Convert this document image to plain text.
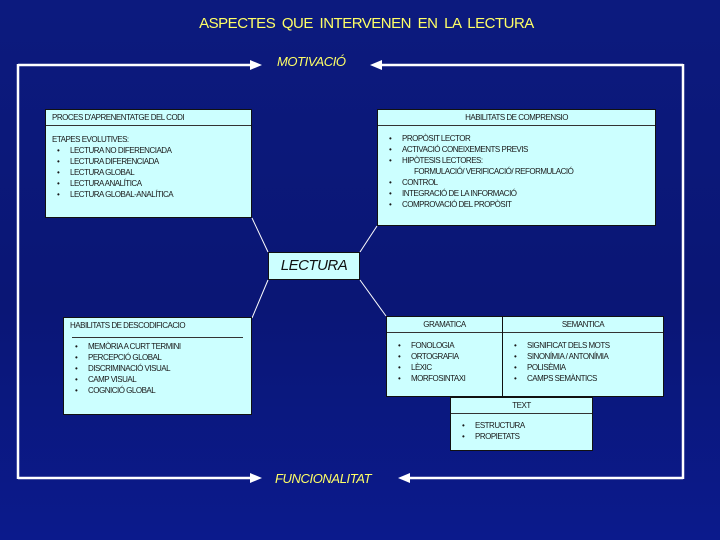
ASPECTES QUE INTERVENEN EN LA LECTURA
MOTIVACIÓ
FUNCIONALITAT
PROCES D'APRENENTATGE DEL CODI
ETAPES EVOLUTIVES:
• LECTURA NO DIFERENCIADA
• LECTURA DIFERENCIADA
• LECTURA GLOBAL
• LECTURA ANALÍTICA
• LECTURA GLOBAL-ANALÍTICA
HABILITATS DE COMPRENSIO
• PROPÒSIT LECTOR
• ACTIVACIÓ CONEIXEMENTS PREVIS
• HIPÒTESIS LECTORES:
FORMULACIÓ/ VERIFICACIÓ/ REFORMULACIÓ
• CONTROL
• INTEGRACIÓ DE LA INFORMACIÓ
• COMPROVACIÓ DEL PROPÒSIT
LECTURA
HABILITATS DE DESCODIFICACIO
• MEMÒRIA A CURT TERMINI
• PERCEPCIÓ GLOBAL
• DISCRIMINACIÓ VISUAL
• CAMP VISUAL
• COGNICIÓ GLOBAL
GRAMATICA
• FONOLOGIA
• ORTOGRAFIA
• LÈXIC
• MORFOSINTAXI
SEMANTICA
• SIGNIFICAT DELS MOTS
• SINONÍMIA / ANTONÍMIA
• POLISÈMIA
• CAMPS SEMÀNTICS
TEXT
• ESTRUCTURA
• PROPIETATS
